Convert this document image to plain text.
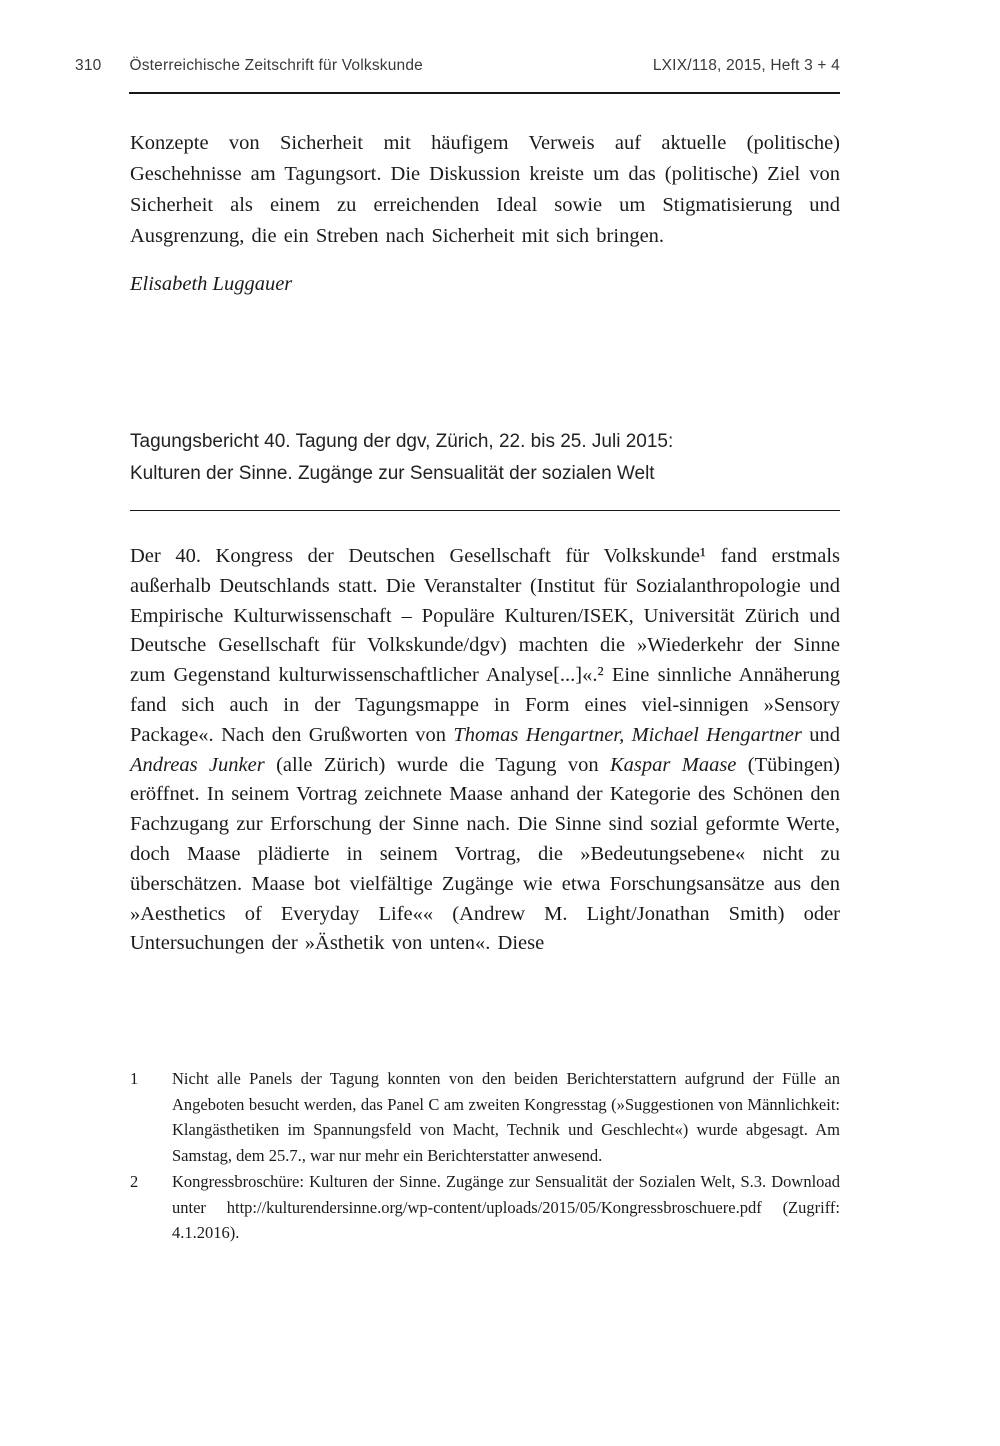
310 Österreichische Zeitschrift für Volkskunde	LXIX/118, 2015, Heft 3 + 4

Konzepte von Sicherheit mit häufigem Verweis auf aktuelle (politische) Geschehnisse am Tagungsort. Die Diskussion kreiste um das (politische) Ziel von Sicherheit als einem zu erreichenden Ideal sowie um Stigmatisierung und Ausgrenzung, die ein Streben nach Sicherheit mit sich bringen.

Elisabeth Luggauer

Tagungsbericht 40. Tagung der dgv, Zürich, 22. bis 25. Juli 2015:
Kulturen der Sinne. Zugänge zur Sensualität der sozialen Welt

Der 40. Kongress der Deutschen Gesellschaft für Volkskunde¹ fand erstmals außerhalb Deutschlands statt. Die Veranstalter (Institut für Sozialanthropologie und Empirische Kulturwissenschaft – Populäre Kulturen/ISEK, Universität Zürich und Deutsche Gesellschaft für Volkskunde/dgv) machten die »Wiederkehr der Sinne zum Gegenstand kulturwissenschaftlicher Analyse[...]«.² Eine sinnliche Annäherung fand sich auch in der Tagungsmappe in Form eines viel-sinnigen »Sensory Package«. Nach den Grußworten von Thomas Hengartner, Michael Hengartner und Andreas Junker (alle Zürich) wurde die Tagung von Kaspar Maase (Tübingen) eröffnet. In seinem Vortrag zeichnete Maase anhand der Kategorie des Schönen den Fachzugang zur Erforschung der Sinne nach. Die Sinne sind sozial geformte Werte, doch Maase plädierte in seinem Vortrag, die »Bedeutungsebene« nicht zu überschätzen. Maase bot vielfältige Zugänge wie etwa Forschungsansätze aus den »Aesthetics of Everyday Life«« (Andrew M. Light/Jonathan Smith) oder Untersuchungen der »Ästhetik von unten«. Diese

1	Nicht alle Panels der Tagung konnten von den beiden Berichterstattern aufgrund der Fülle an Angeboten besucht werden, das Panel C am zweiten Kongresstag (»Suggestionen von Männlichkeit: Klangästhetiken im Spannungsfeld von Macht, Technik und Geschlecht«) wurde abgesagt. Am Samstag, dem 25.7., war nur mehr ein Berichterstatter anwesend.
2	Kongressbroschüre: Kulturen der Sinne. Zugänge zur Sensualität der Sozialen Welt, S.3. Download unter http://kulturendersinne.org/wp-content/uploads/2015/05/Kongressbroschuere.pdf (Zugriff: 4.1.2016).
